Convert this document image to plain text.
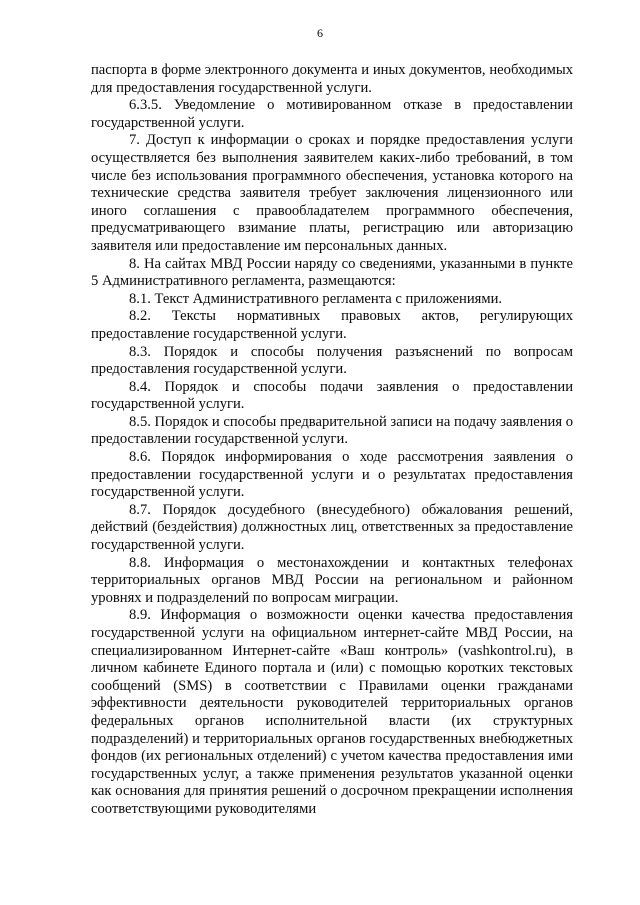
6

паспорта в форме электронного документа и иных документов, необходимых для предоставления государственной услуги.

6.3.5. Уведомление о мотивированном отказе в предоставлении государственной услуги.

7. Доступ к информации о сроках и порядке предоставления услуги осуществляется без выполнения заявителем каких-либо требований, в том числе без использования программного обеспечения, установка которого на технические средства заявителя требует заключения лицензионного или иного соглашения с правообладателем программного обеспечения, предусматривающего взимание платы, регистрацию или авторизацию заявителя или предоставление им персональных данных.

8. На сайтах МВД России наряду со сведениями, указанными в пункте 5 Административного регламента, размещаются:

8.1. Текст Административного регламента с приложениями.

8.2. Тексты нормативных правовых актов, регулирующих предоставление государственной услуги.

8.3. Порядок и способы получения разъяснений по вопросам предоставления государственной услуги.

8.4. Порядок и способы подачи заявления о предоставлении государственной услуги.

8.5. Порядок и способы предварительной записи на подачу заявления о предоставлении государственной услуги.

8.6. Порядок информирования о ходе рассмотрения заявления о предоставлении государственной услуги и о результатах предоставления государственной услуги.

8.7. Порядок досудебного (внесудебного) обжалования решений, действий (бездействия) должностных лиц, ответственных за предоставление государственной услуги.

8.8. Информация о местонахождении и контактных телефонах территориальных органов МВД России на региональном и районном уровнях и подразделений по вопросам миграции.

8.9. Информация о возможности оценки качества предоставления государственной услуги на официальном интернет-сайте МВД России, на специализированном Интернет-сайте «Ваш контроль» (vashkontrol.ru), в личном кабинете Единого портала и (или) с помощью коротких текстовых сообщений (SMS) в соответствии с Правилами оценки гражданами эффективности деятельности руководителей территориальных органов федеральных органов исполнительной власти (их структурных подразделений) и территориальных органов государственных внебюджетных фондов (их региональных отделений) с учетом качества предоставления ими государственных услуг, а также применения результатов указанной оценки как основания для принятия решений о досрочном прекращении исполнения соответствующими руководителями
